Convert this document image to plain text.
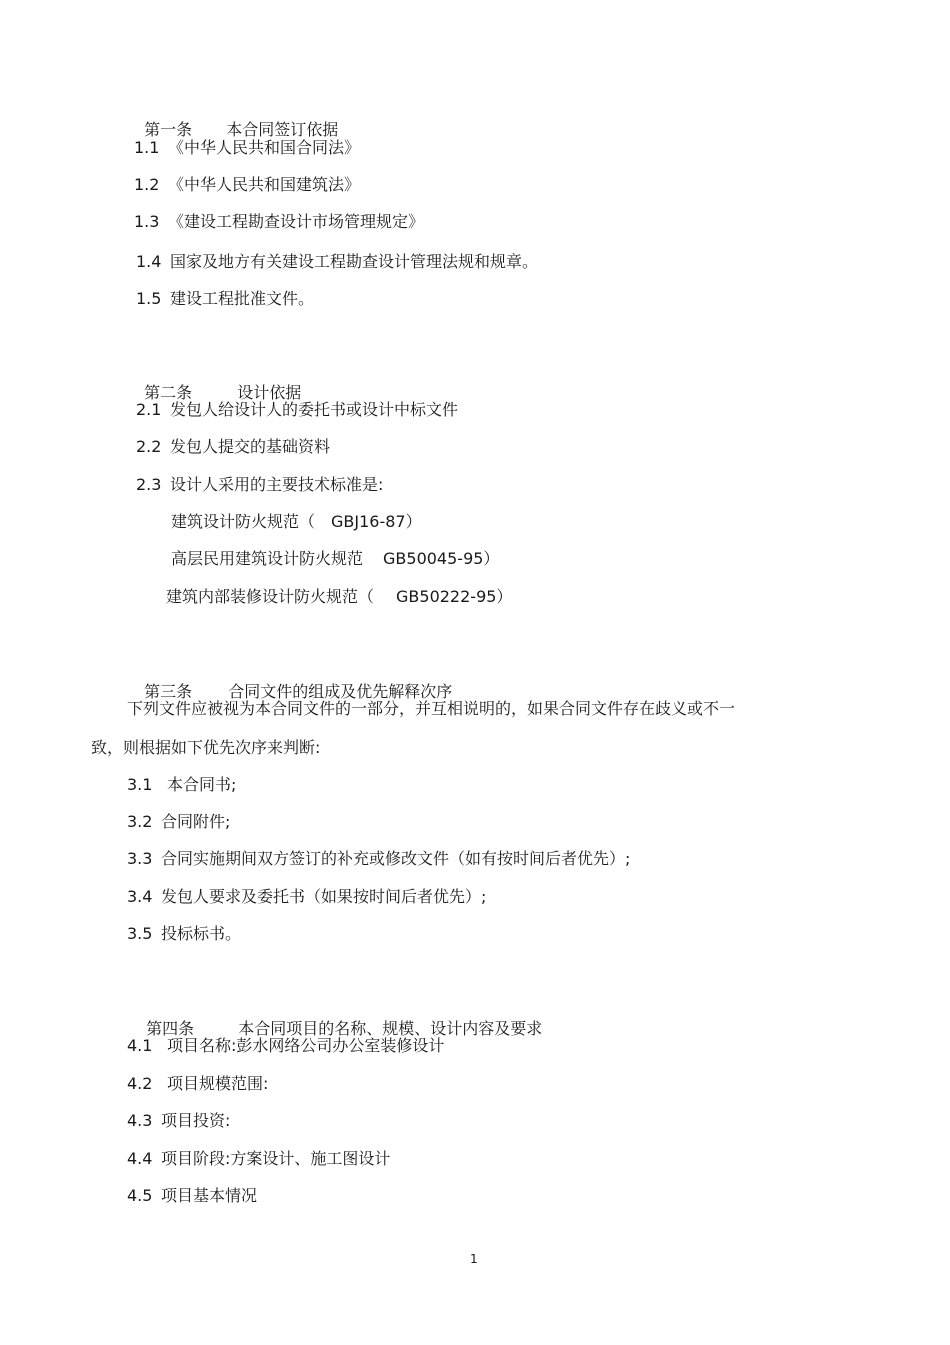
第一条 本合同签订依据

1.1 《中华人民共和国合同法》
1.2 《中华人民共和国建筑法》
1.3 《建设工程勘查设计市场管理规定》
1.4 国家及地方有关建设工程勘查设计管理法规和规章。
1.5 建设工程批准文件。

第二条	设计依据

2.1 发包人给设计人的委托书或设计中标文件
2.2 发包人提交的基础资料
2.3 设计人采用的主要技术标准是:
建筑设计防火规范（ GBJ16-87）
高层民用建筑设计防火规范 GB50045-95）
建筑内部装修设计防火规范（ GB50222-95）

第三条 合同文件的组成及优先解释次序

下列文件应被视为本合同文件的一部分，并互相说明的，如果合同文件存在歧义或不一
致，则根据如下优先次序来判断:
3.1 本合同书;
3.2 合同附件;
3.3 合同实施期间双方签订的补充或修改文件（如有按时间后者优先）;
3.4 发包人要求及委托书（如果按时间后者优先）;
3.5 投标标书。

第四条	本合同项目的名称、规模、设计内容及要求

4.1 项目名称:彭水网络公司办公室装修设计
4.2 项目规模范围:
4.3 项目投资:
4.4 项目阶段:方案设计、施工图设计
4.5 项目基本情况
1
